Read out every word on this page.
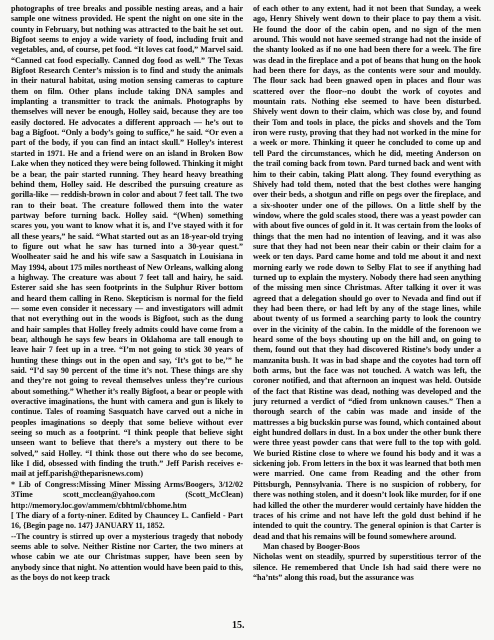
photographs of tree breaks and possible nesting areas, and a hair sample one witness provided. He spent the night on one site in the county in February, but nothing was attracted to the bait he set out. Bigfoot seems to enjoy a wide variety of food, including fruit and vegetables, and, of course, pet food. “It loves cat food,” Marvel said. “Canned cat food especially. Canned dog food as well.” The Texas Bigfoot Research Center’s mission is to find and study the animals in their natural habitat, using motion sensing cameras to capture them on film. Other plans include taking DNA samples and implanting a transmitter to track the animals. Photographs by themselves will never be enough, Holley said, because they are too easily doctored. He advocates a different approach — he’s out to bag a Bigfoot. “Only a body’s going to suffice,” he said. “Or even a part of the body, if you can find an intact skull.” Holley’s interest started in 1971. He and a friend were on an island in Broken Bow Lake when they noticed they were being followed. Thinking it might be a bear, the pair started running. They heard heavy breathing behind them, Holley said. He described the pursuing creature as gorilla-like — reddish-brown in color and about 7 feet tall. The two ran to their boat. The creature followed them into the water partway before turning back. Holley said. “(When) something scares you, you want to know what it is, and I’ve stayed with it for all these years,” he said. “What started out as an 18-year-old trying to figure out what he saw has turned into a 30-year quest.” Woolheater said he and his wife saw a Sasquatch in Louisiana in May 1994, about 175 miles northeast of New Orleans, walking along a highway. The creature was about 7 feet tall and hairy, he said. Esterer said she has seen footprints in the Sulphur River bottom and heard them calling in Reno. Skepticism is normal for the field — some even consider it necessary — and investigators will admit that not everything out in the woods is Bigfoot, such as the dung and hair samples that Holley freely admits could have come from a bear, although he says few bears in Oklahoma are tall enough to leave hair 7 feet up in a tree. “I’m not going to stick 30 years of hunting these things out in the open and say, ‘It’s got to be,’” he said. “I’d say 90 percent of the time it’s not. These things are shy and they’re not going to reveal themselves unless they’re curious about something.” Whether it’s really Bigfoot, a bear or people with overactive imaginations, the hunt with camera and gun is likely to continue. Tales of roaming Sasquatch have carved out a niche in peoples imaginations so deeply that some believe without ever seeing so much as a footprint. “I think people that believe sight unseen want to believe that there’s a mystery out there to be solved,” said Holley. “I think those out there who do see become, like I did, obsessed with finding the truth.” Jeff Parish receives e-mail at jeff.parish@theparisnews.com)

* Lib of Congress:Missing Miner Missing Arms/Boogers, 3/12/02 3Time scott_mcclean@yahoo.com (Scott_McClean) http://memory.loc.gov/ammem/cbhtml/cbhome.htm

[ The diary of a forty-niner. Edited by Chauncey L. Canfield - Part 16, {Begin page no. 147} JANUARY 11, 1852.

--The country is stirred up over a mysterious tragedy that nobody seems able to solve. Neither Ristine nor Carter, the two miners at whose cabin we ate our Christmas supper, have been seen by anybody since that night. No attention would have been paid to this, as the boys do not keep track

of each other to any extent, had it not been that Sunday, a week ago, Henry Shively went down to their place to pay them a visit. He found the door of the cabin open, and no sign of the men around. This would not have seemed strange had not the inside of the shanty looked as if no one had been there for a week. The fire was dead in the fireplace and a pot of beans that hung on the hook had been there for days, as the contents were sour and mouldy. The flour sack had been gnawed open in places and flour was scattered over the floor--no doubt the work of coyotes and mountain rats. Nothing else seemed to have been disturbed. Shively went down to their claim, which was close by, and found their Tom and tools in place, the picks and shovels and the Tom iron were rusty, proving that they had not worked in the mine for a week or more. Thinking it queer he concluded to come up and tell Pard the circumstances, which he did, meeting Anderson on the trail coming back from town. Pard turned back and went with him to their cabin, taking Platt along. They found everything as Shively had told them, noted that the best clothes were hanging over their beds, a shotgun and rifle on pegs over the fireplace, and a six-shooter under one of the pillows. On a little shelf by the window, where the gold scales stood, there was a yeast powder can with about five ounces of gold in it. It was certain from the looks of things that the men had no intention of leaving, and it was also sure that they had not been near their cabin or their claim for a week or ten days. Pard came home and told me about it and next morning early we rode down to Selby Flat to see if anything had turned up to explain the mystery. Nobody there had seen anything of the missing men since Christmas. After talking it over it was agreed that a delegation should go over to Nevada and find out if they had been there, or had left by any of the stage lines, while about twenty of us formed a searching party to look the country over in the vicinity of the cabin. In the middle of the forenoon we heard some of the boys shouting up on the hill and, on going to them, found out that they had discovered Ristine’s body under a manzanita bush. It was in bad shape and the coyotes had torn off both arms, but the face was not touched. A watch was left, the coroner notified, and that afternoon an inquest was held. Outside of the fact that Ristine was dead, nothing was developed and the jury returned a verdict of “died from unknown causes.” Then a thorough search of the cabin was made and inside of the mattresses a big buckskin purse was found, which contained about eight hundred dollars in dust. In a box under the other bunk there were three yeast powder cans that were full to the top with gold. We buried Ristine close to where we found his body and it was a sickening job. From letters in the box it was learned that both men were married. One came from Reading and the other from Pittsburgh, Pennsylvania. There is no suspicion of robbery, for there was nothing stolen, and it doesn’t look like murder, for if one had killed the other the murderer would certainly have hidden the traces of his crime and not have left the gold dust behind if he intended to quit the country. The general opinion is that Carter is dead and that his remains will be found somewhere around.

Man chased by Booger-Boos

Nicholas went on steadily, spurred by superstitious terror of the silence. He remembered that Uncle Ish had said there were no “ha’nts” along this road, but the assurance was

15.
